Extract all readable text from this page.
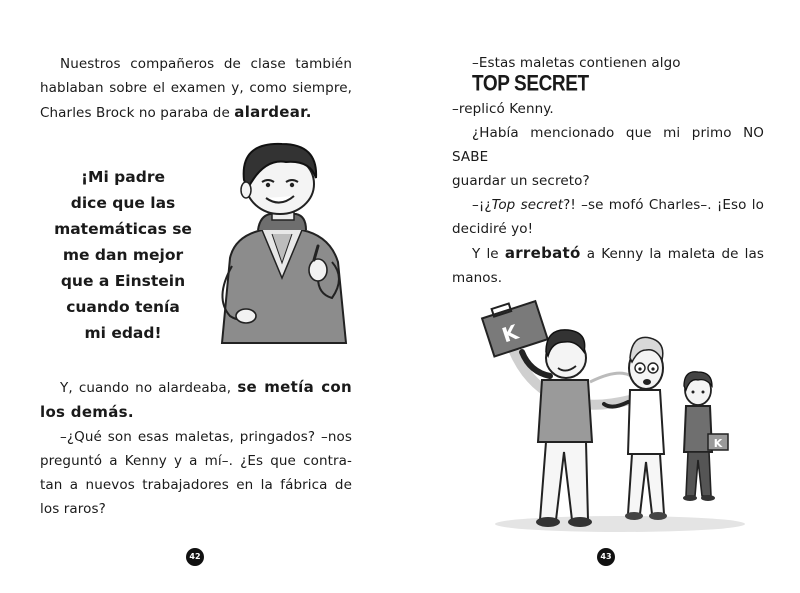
Nuestros compañeros de clase también

hablaban sobre el examen y, como siempre,

Charles Brock no paraba de alardear.

¡Mi padre
dice que las
matemáticas se
me dan mejor
que a Einstein
cuando tenía
mi edad!

Y, cuando no alardeaba, se metía con

los demás.

–¿Qué son esas maletas, pringados? –nos

preguntó a Kenny y a mí–. ¿Es que contra-

tan a nuevos trabajadores en la fábrica de

los raros?

42

–Estas maletas contienen algo TOP SECRET

–replicó Kenny.

¿Había mencionado que mi primo NO SABE

guardar un secreto?

–¡¿Top secret?! –se mofó Charles–. ¡Eso lo

decidiré yo!

Y le arrebató a Kenny la maleta de las

manos.

K
K
43
